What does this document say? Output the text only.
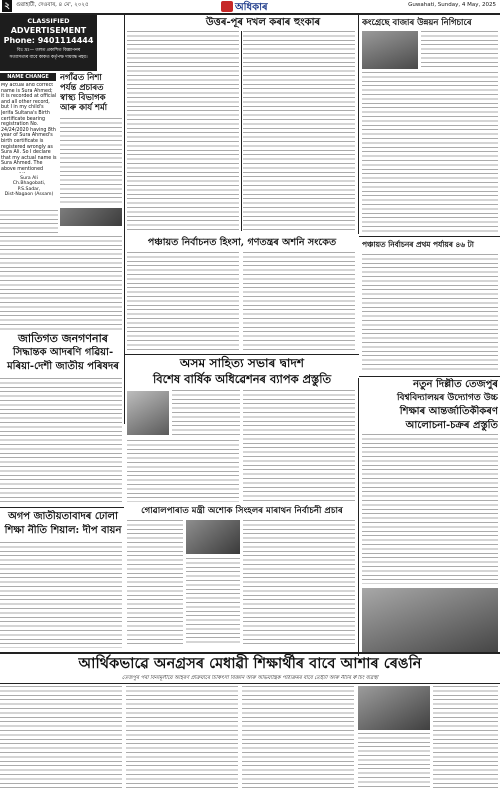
২	গুৱাহাটী, দেওবাৰ, ৪ মে', ২০২৫	অধিকাৰ	Guwahati, Sunday, 4 May, 2025
CLASSIFIED
ADVERTISEMENT
Phone: 9401114444
বিঃ দ্ৰঃ— তলত প্ৰকাশিত বিজ্ঞাপনৰ
সত্যাসত্যৰ বাবে কাকত কৰ্তৃপক্ষ দায়বদ্ধ নহয়।
NAME CHANGE
My actual and correct name is Sura Ahmed; it is recorded at official and all other record, but I in my child's Jerifa Sultana's Birth certificate bearing registration No. 24/24/2020 having 8th year of Sura Ahmed's birth certificate is registered wrongly as Sura Ali. So I declare that my actual name is Sura Ahmed. The above mentioned
Sura Ali
Ch.Bhagobati,
P.S.Sadar,
Dist-Nagaon (Assam)
নগাঁৱত নিশা
পৰ্যন্ত প্ৰচাৰত
স্বাস্থ্য বিভাগক
আৰু কাৰ্য শৰ্মা
জাতিগত জনগণনাৰ
সিদ্ধান্তক আদৰণি গৱিয়া-
মৰিয়া-দেশী জাতীয় পৰিষদৰ
অগপ জাতীয়তাবাদৰ ঢোলা
শিক্ষা নীতি শিয়াল: দীপ বায়ন
উত্তৰ-পূৰ দখল কৰাৰ হুংকাৰ
পঞ্চায়ত নিৰ্বাচনত হিংসা, গণতন্ত্ৰৰ অশনি সংকেত
কংগ্ৰেছে বাজাৰ উন্নয়ন নিগিচাৰে
পঞ্চায়ত নিৰ্বাচনৰ প্ৰথম পৰ্যায়ৰ ৪৬ টা
নতুন দিল্লীত তেজপুৰ
বিশ্ববিদ্যালয়ৰ উদ্যোগত উচ্চ
শিক্ষাৰ আন্তৰ্জাতিকীকৰণ
আলোচনা-চক্ৰৰ প্ৰস্তুতি
অসম সাহিত্য সভাৰ দ্বাদশ
বিশেষ বাৰ্ষিক অধিৱেশনৰ ব্যাপক প্ৰস্তুতি
গোৱালপাৰাত মন্ত্ৰী অশোক সিংহলৰ মাৰাথন নিৰ্বাচনী প্ৰচাৰ
আৰ্থিকভাৱে অনগ্ৰসৰ মেধাৱী শিক্ষাৰ্থীৰ বাবে আশাৰ ৰেঙনি
তেজপুৰ পৰা বিনামূলীয়ে আহৰণ প্ৰক্ৰিয়াৰে চিকিৎসা বিজ্ঞান আৰু অভিযান্ত্ৰিক পাঠ্যক্ৰমৰ বাবে তেইটা আৰু নীটৰ ক'চিং ব্যৱস্থা
